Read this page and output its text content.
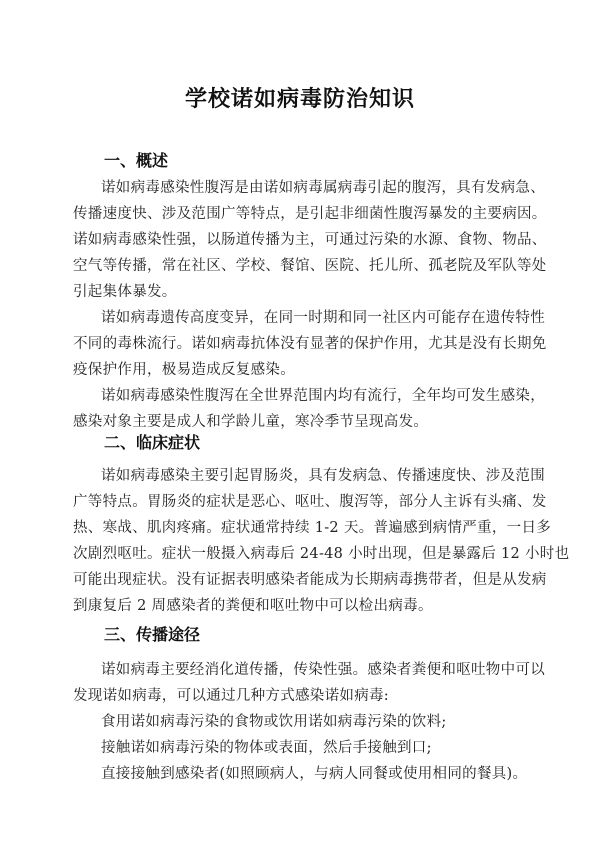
学校诺如病毒防治知识
一、概述
诺如病毒感染性腹泻是由诺如病毒属病毒引起的腹泻，具有发病急、
传播速度快、涉及范围广等特点，是引起非细菌性腹泻暴发的主要病因。
诺如病毒感染性强，以肠道传播为主，可通过污染的水源、食物、物品、
空气等传播，常在社区、学校、餐馆、医院、托儿所、孤老院及军队等处
引起集体暴发。
诺如病毒遗传高度变异，在同一时期和同一社区内可能存在遗传特性
不同的毒株流行。诺如病毒抗体没有显著的保护作用，尤其是没有长期免
疫保护作用，极易造成反复感染。
诺如病毒感染性腹泻在全世界范围内均有流行，全年均可发生感染，
感染对象主要是成人和学龄儿童，寒冷季节呈现高发。
二、临床症状
诺如病毒感染主要引起胃肠炎，具有发病急、传播速度快、涉及范围
广等特点。胃肠炎的症状是恶心、呕吐、腹泻等，部分人主诉有头痛、发
热、寒战、肌肉疼痛。症状通常持续 1-2 天。普遍感到病情严重，一日多
次剧烈呕吐。症状一般摄入病毒后 24-48 小时出现，但是暴露后 12 小时也
可能出现症状。没有证据表明感染者能成为长期病毒携带者，但是从发病
到康复后 2 周感染者的粪便和呕吐物中可以检出病毒。
三、传播途径
诺如病毒主要经消化道传播，传染性强。感染者粪便和呕吐物中可以
发现诺如病毒，可以通过几种方式感染诺如病毒:
食用诺如病毒污染的食物或饮用诺如病毒污染的饮料;
接触诺如病毒污染的物体或表面，然后手接触到口;
直接接触到感染者(如照顾病人，与病人同餐或使用相同的餐具)。
